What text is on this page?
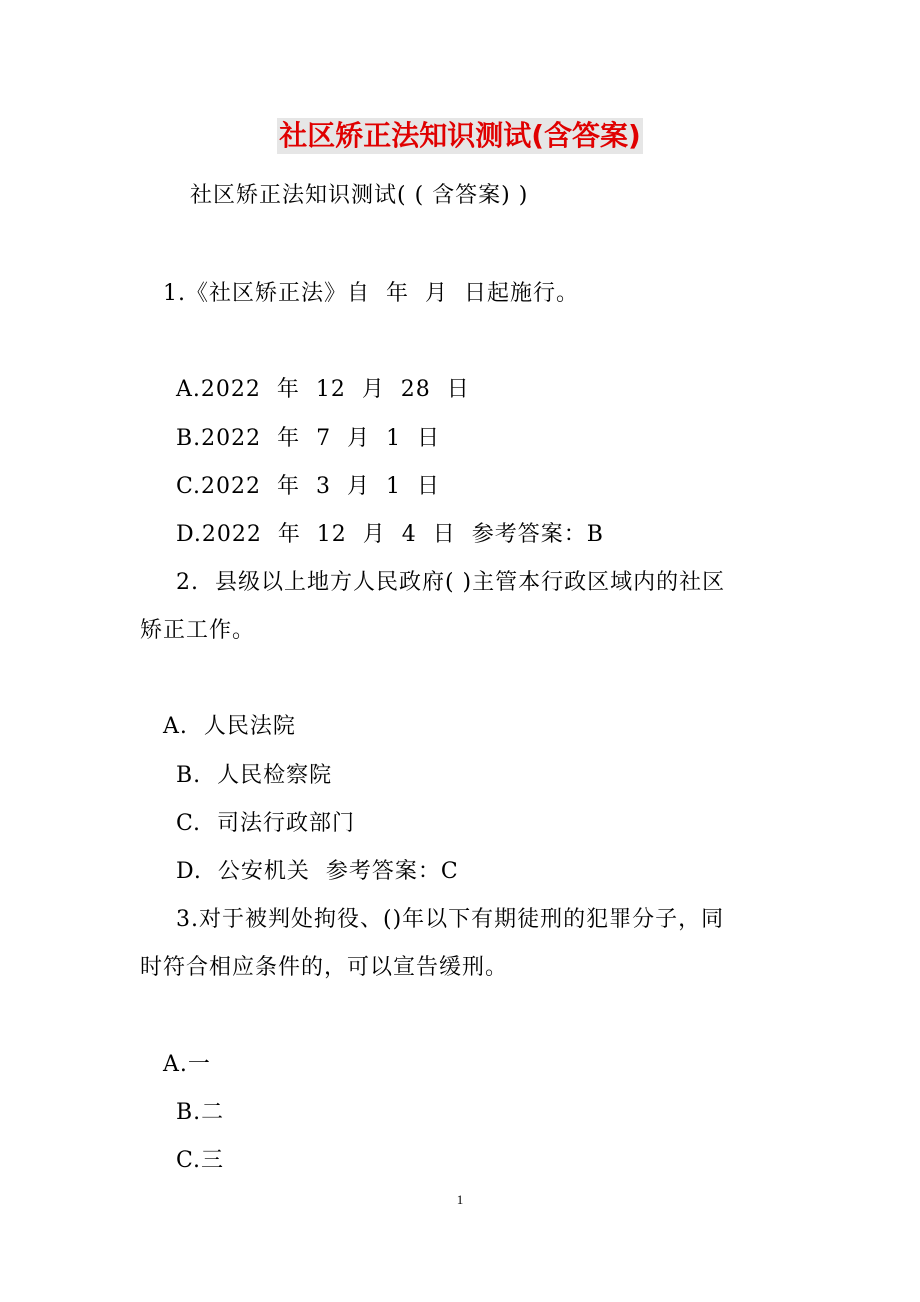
社区矫正法知识测试(含答案)
社区矫正法知识测试( ( 含答案) )
1.《社区矫正法》自  年  月  日起施行。
A.2022  年  12  月  28  日
B.2022  年  7  月  1  日
C.2022  年  3  月  1  日
D.2022  年  12  月  4  日  参考答案：B
2.  县级以上地方人民政府( )主管本行政区域内的社区
矫正工作。
A.  人民法院
B.  人民检察院
C.  司法行政部门
D.  公安机关  参考答案：C
3.对于被判处拘役、()年以下有期徒刑的犯罪分子，同
时符合相应条件的，可以宣告缓刑。
A.一
B.二
C.三
1
